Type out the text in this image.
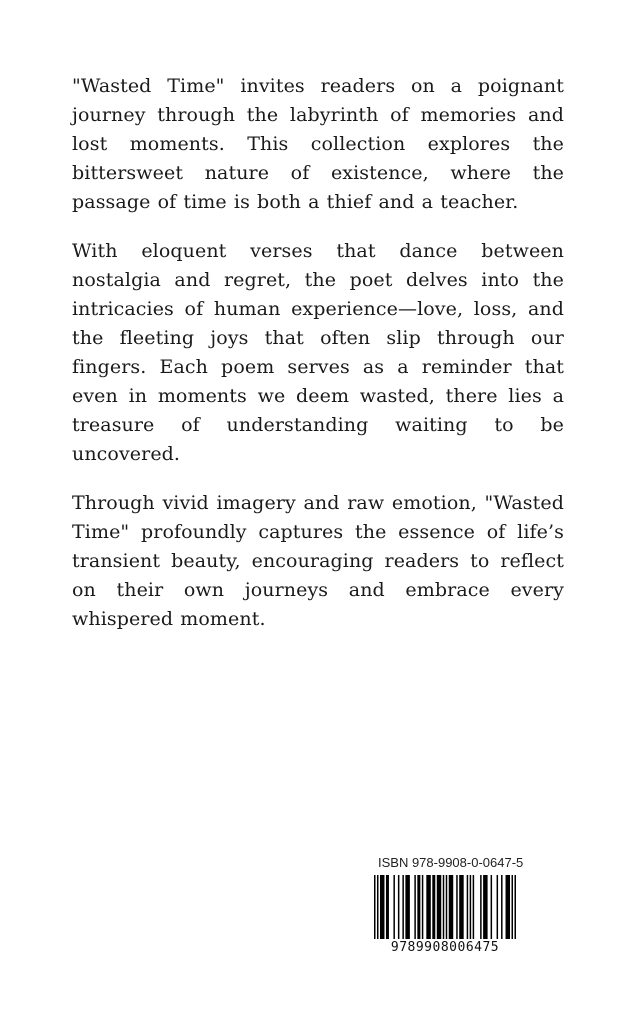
"Wasted Time" invites readers on a poignant journey through the labyrinth of memories and lost moments. This collection explores the bittersweet nature of existence, where the passage of time is both a thief and a teacher.

With eloquent verses that dance between nostalgia and regret, the poet delves into the intricacies of human experience—love, loss, and the fleeting joys that often slip through our fingers. Each poem serves as a reminder that even in moments we deem wasted, there lies a treasure of understanding waiting to be uncovered.

Through vivid imagery and raw emotion, "Wasted Time" profoundly captures the essence of life’s transient beauty, encouraging readers to reflect on their own journeys and embrace every whispered moment.

ISBN 978-9908-0-0647-5
9789908006475
